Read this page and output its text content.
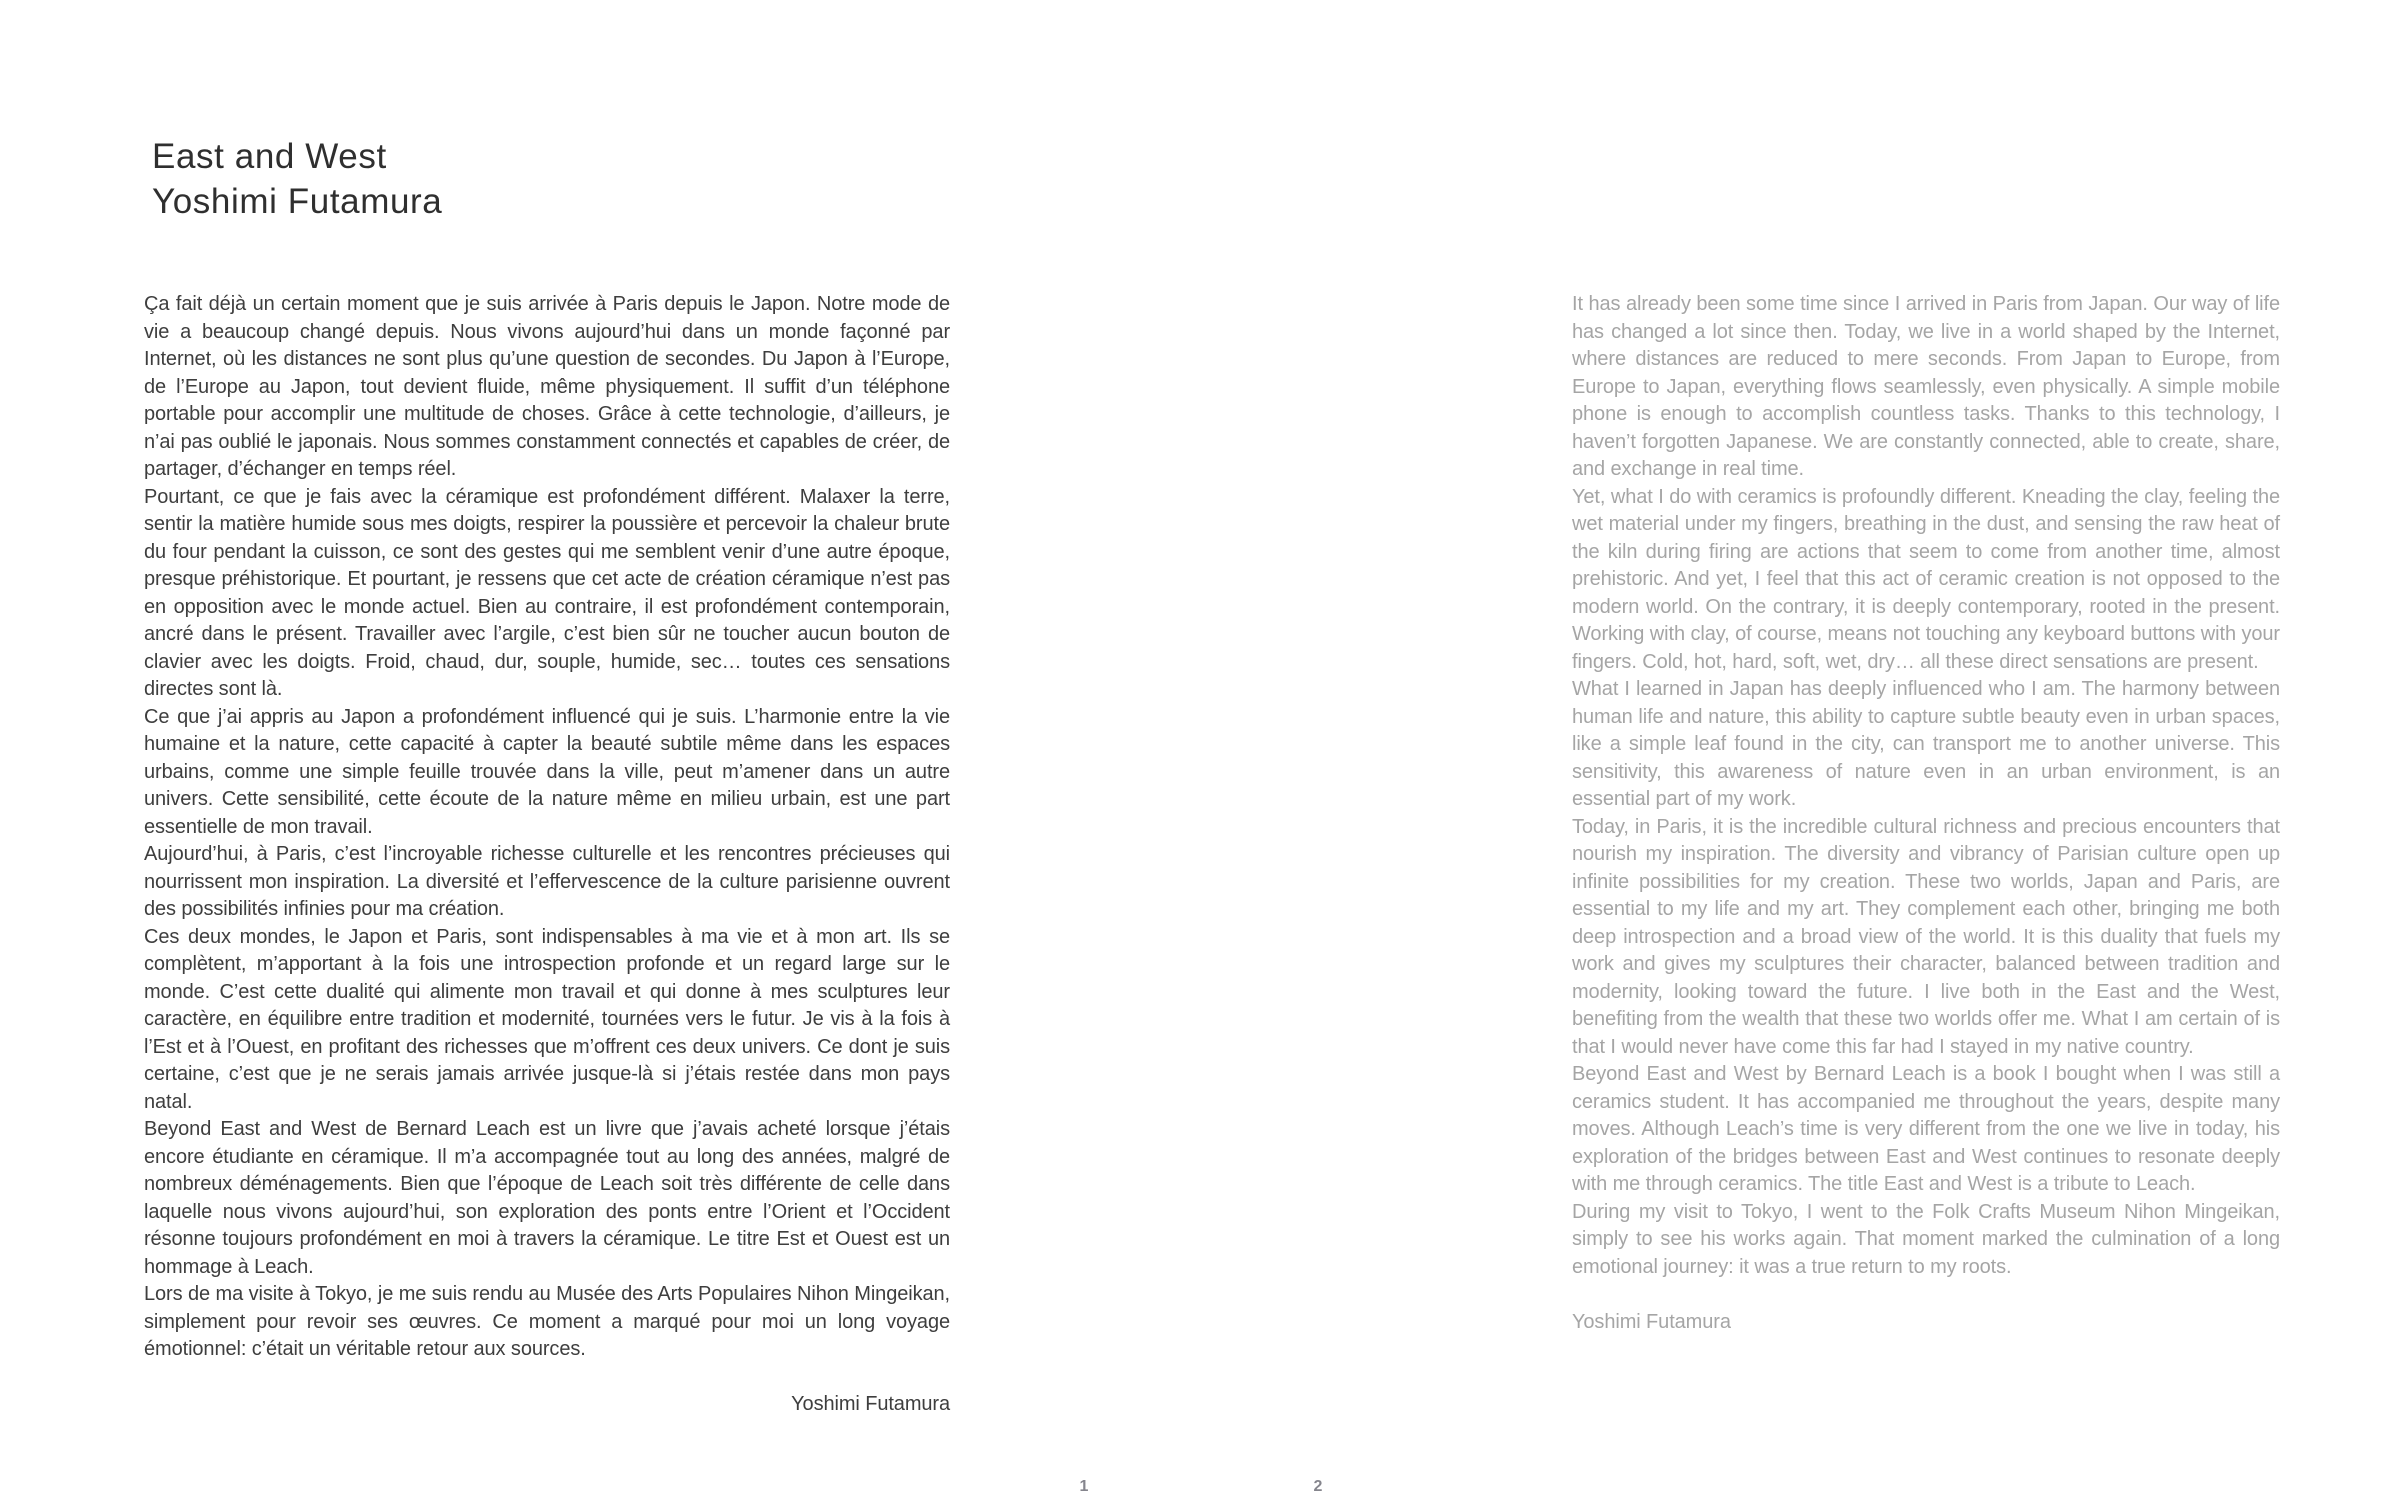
East and West
Yoshimi Futamura

Ça fait déjà un certain moment que je suis arrivée à Paris depuis le Japon. Notre mode de vie a beaucoup changé depuis. Nous vivons aujourd’hui dans un monde façonné par Internet, où les distances ne sont plus qu’une question de secondes. Du Japon à l’Europe, de l’Europe au Japon, tout devient fluide, même physiquement. Il suffit d’un téléphone portable pour accomplir une multitude de choses. Grâce à cette technologie, d’ailleurs, je n’ai pas oublié le japonais. Nous sommes constamment connectés et capables de créer, de partager, d’échanger en temps réel.

Pourtant, ce que je fais avec la céramique est profondément différent. Malaxer la terre, sentir la matière humide sous mes doigts, respirer la poussière et percevoir la chaleur brute du four pendant la cuisson, ce sont des gestes qui me semblent venir d’une autre époque, presque préhistorique. Et pourtant, je ressens que cet acte de création céramique n’est pas en opposition avec le monde actuel. Bien au contraire, il est profondément contemporain, ancré dans le présent. Travailler avec l’argile, c’est bien sûr ne toucher aucun bouton de clavier avec les doigts. Froid, chaud, dur, souple, humide, sec… toutes ces sensations directes sont là.

Ce que j’ai appris au Japon a profondément influencé qui je suis. L’harmonie entre la vie humaine et la nature, cette capacité à capter la beauté subtile même dans les espaces urbains, comme une simple feuille trouvée dans la ville, peut m’amener dans un autre univers. Cette sensibilité, cette écoute de la nature même en milieu urbain, est une part essentielle de mon travail.

Aujourd’hui, à Paris, c’est l’incroyable richesse culturelle et les rencontres précieuses qui nourrissent mon inspiration. La diversité et l’effervescence de la culture parisienne ouvrent des possibilités infinies pour ma création.

Ces deux mondes, le Japon et Paris, sont indispensables à ma vie et à mon art. Ils se complètent, m’apportant à la fois une introspection profonde et un regard large sur le monde. C’est cette dualité qui alimente mon travail et qui donne à mes sculptures leur caractère, en équilibre entre tradition et modernité, tournées vers le futur. Je vis à la fois à l’Est et à l’Ouest, en profitant des richesses que m’offrent ces deux univers. Ce dont je suis certaine, c’est que je ne serais jamais arrivée jusque-là si j’étais restée dans mon pays natal.

Beyond East and West de Bernard Leach est un livre que j’avais acheté lorsque j’étais encore étudiante en céramique. Il m’a accompagnée tout au long des années, malgré de nombreux déménagements. Bien que l’époque de Leach soit très différente de celle dans laquelle nous vivons aujourd’hui, son exploration des ponts entre l’Orient et l’Occident résonne toujours profondément en moi à travers la céramique. Le titre Est et Ouest est un hommage à Leach.

Lors de ma visite à Tokyo, je me suis rendu au Musée des Arts Populaires Nihon Mingeikan, simplement pour revoir ses œuvres. Ce moment a marqué pour moi un long voyage émotionnel: c’était un véritable retour aux sources.

Yoshimi Futamura

It has already been some time since I arrived in Paris from Japan. Our way of life has changed a lot since then. Today, we live in a world shaped by the Internet, where distances are reduced to mere seconds. From Japan to Europe, from Europe to Japan, everything flows seamlessly, even physically. A simple mobile phone is enough to accomplish countless tasks. Thanks to this technology, I haven’t forgotten Japanese. We are constantly connected, able to create, share, and exchange in real time.

Yet, what I do with ceramics is profoundly different. Kneading the clay, feeling the wet material under my fingers, breathing in the dust, and sensing the raw heat of the kiln during firing are actions that seem to come from another time, almost prehistoric. And yet, I feel that this act of ceramic creation is not opposed to the modern world. On the contrary, it is deeply contemporary, rooted in the present. Working with clay, of course, means not touching any keyboard buttons with your fingers. Cold, hot, hard, soft, wet, dry… all these direct sensations are present.

What I learned in Japan has deeply influenced who I am. The harmony between human life and nature, this ability to capture subtle beauty even in urban spaces, like a simple leaf found in the city, can transport me to another universe. This sensitivity, this awareness of nature even in an urban environment, is an essential part of my work.

Today, in Paris, it is the incredible cultural richness and precious encounters that nourish my inspiration. The diversity and vibrancy of Parisian culture open up infinite possibilities for my creation. These two worlds, Japan and Paris, are essential to my life and my art. They complement each other, bringing me both deep introspection and a broad view of the world. It is this duality that fuels my work and gives my sculptures their character, balanced between tradition and modernity, looking toward the future. I live both in the East and the West, benefiting from the wealth that these two worlds offer me. What I am certain of is that I would never have come this far had I stayed in my native country.

Beyond East and West by Bernard Leach is a book I bought when I was still a ceramics student. It has accompanied me throughout the years, despite many moves. Although Leach’s time is very different from the one we live in today, his exploration of the bridges between East and West continues to resonate deeply with me through ceramics. The title East and West is a tribute to Leach.

During my visit to Tokyo, I went to the Folk Crafts Museum Nihon Mingeikan, simply to see his works again. That moment marked the culmination of a long emotional journey: it was a true return to my roots.

Yoshimi Futamura
1	2
